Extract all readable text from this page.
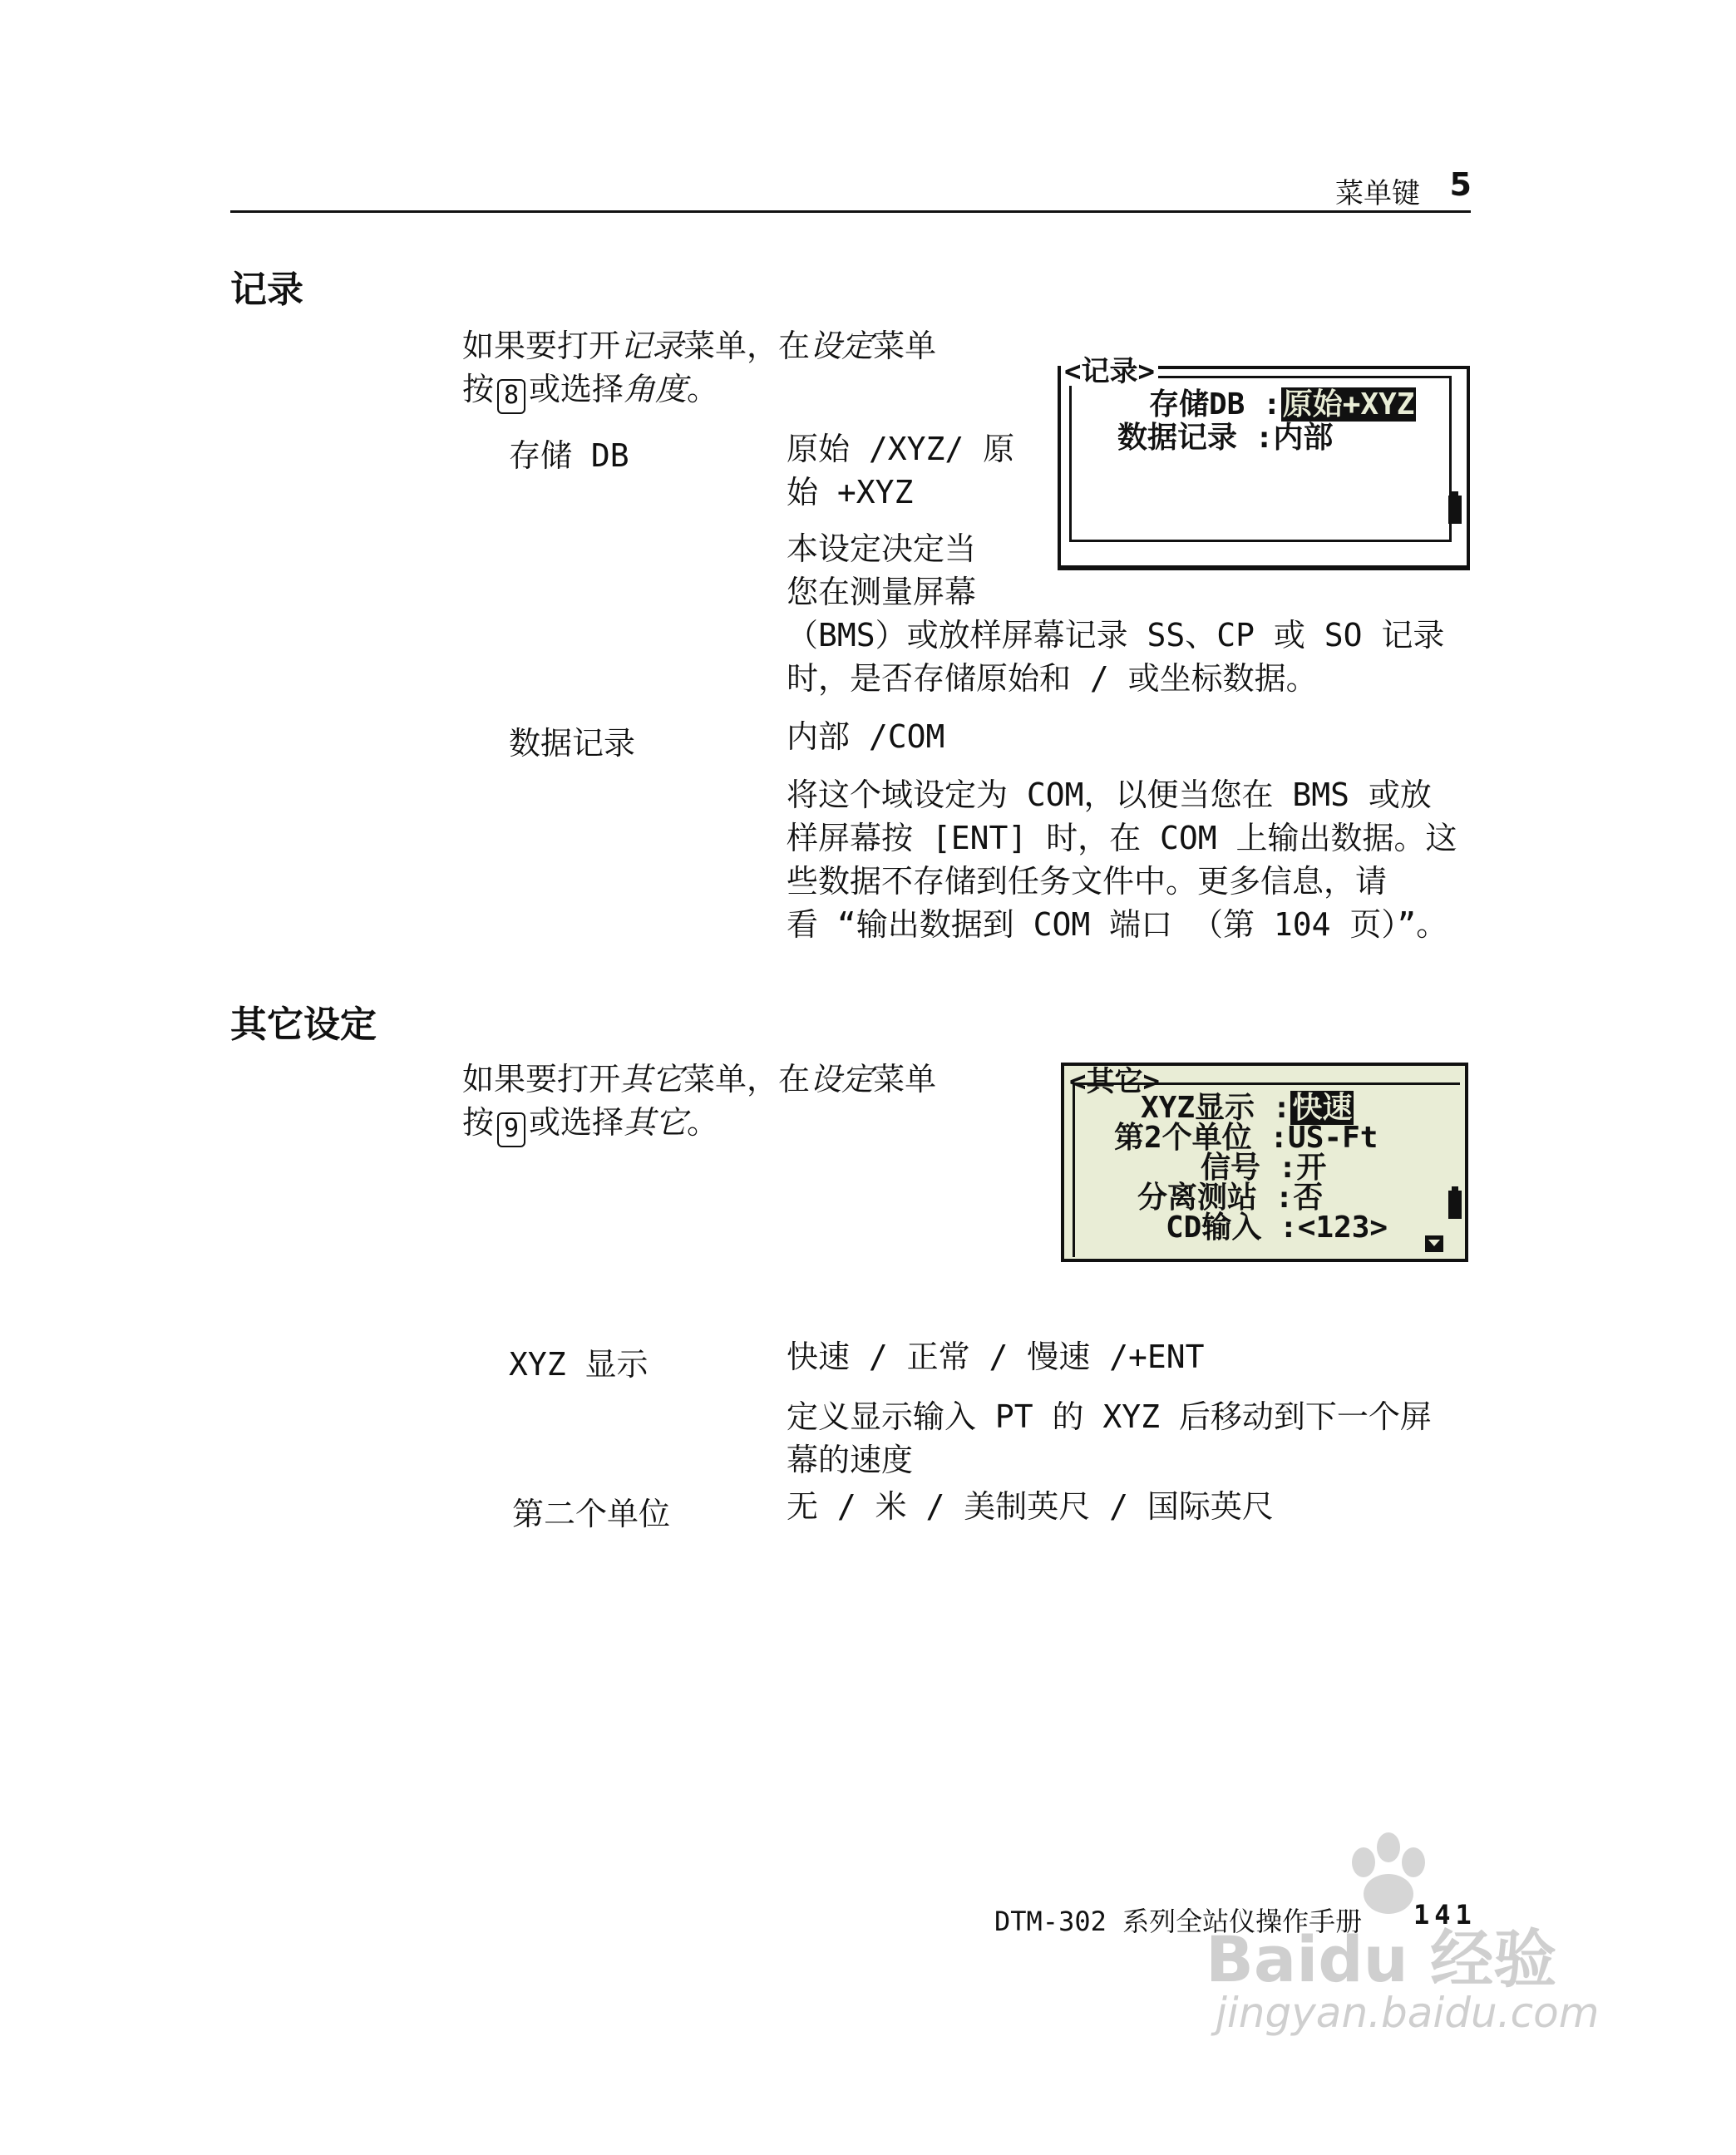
菜单键 5
记录
如果要打开记录菜单，在设定菜单
按 8 或选择角度。	<记录>
存储DB :原始+XYZ
数据记录 :内部
存储 DB	原始 /XYZ/ 原
始 +XYZ
本设定决定当
您在测量屏幕
（BMS）或放样屏幕记录 SS、CP 或 SO 记录
时，是否存储原始和 / 或坐标数据。
数据记录	内部 /COM
将这个域设定为 COM，以便当您在 BMS 或放
样屏幕按 [ENT] 时，在 COM 上输出数据。这
些数据不存储到任务文件中。更多信息，请
看 “输出数据到 COM 端口 （第 104 页）”。
其它设定
如果要打开其它菜单，在设定菜单
按 9 或选择其它。
<其它>
XYZ显示 :快速
第2个单位 :US-Ft
信号 :开
分离测站 :否
CD输入 :<123>
XYZ 显示	快速 / 正常 / 慢速 /+ENT
定义显示输入 PT 的 XYZ 后移动到下一个屏
幕的速度
第二个单位	无 / 米 / 美制英尺 / 国际英尺
DTM-302 系列全站仪操作手册 141
Baidu 经验
jingyan.baidu.com
